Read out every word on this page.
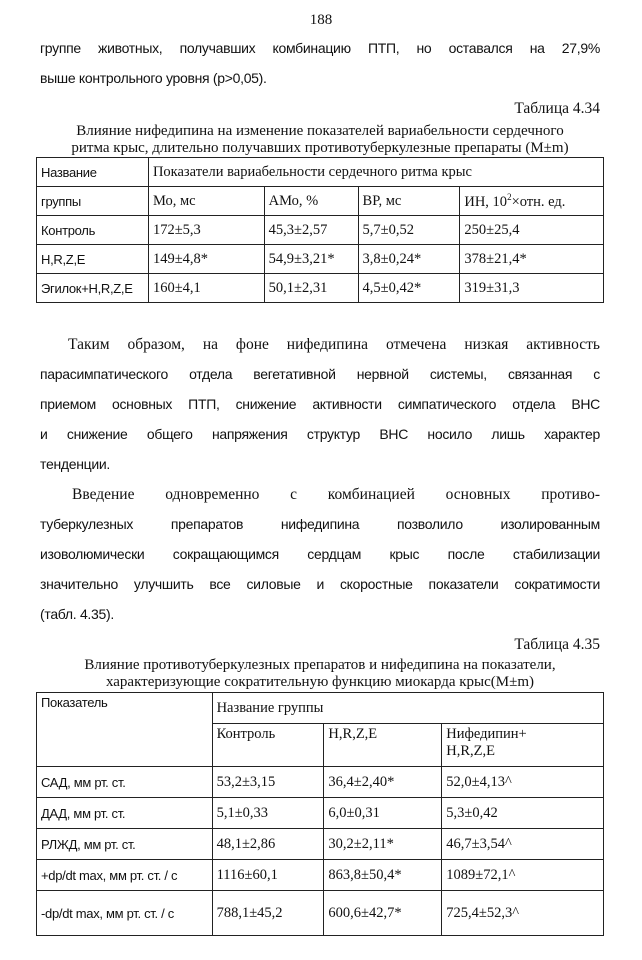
188
группе животных, получавших комбинацию ПТП, но оставался на 27,9%
выше контрольного уровня (р>0,05).
Таблица 4.34
Влияние нифедипина на изменение показателей вариабельности сердечного
ритма крыс, длительно получавших противотуберкулезные препараты (M±m)
Название	Показатели вариабельности сердечного ритма крыс			
группы	Мо, мс	АМо, %	ВР, мс	ИН, $10^2\times отн$. ед.
Контроль	172±5,3	45,3±2,57	5,7±0,52	250±25,4
H,R,Z,E	149±4,8*	54,9±3,21*	3,8±0,24*	378±21,4*
Эгилок+H,R,Z,E	160±4,1	50,1±2,31	4,5±0,42*	319±31,3
Таким образом, на фоне нифедипина отмечена низкая активность
парасимпатического отдела вегетативной нервной системы, связанная с
приемом основных ПТП, снижение активности симпатического отдела ВНС
и снижение общего напряжения структур ВНС носило лишь характер
тенденции.
Введение одновременно с комбинацией основных противо-
туберкулезных препаратов нифедипина позволило изолированным
изоволюмически сокращающимся сердцам крыс после стабилизации
значительно улучшить все силовые и скоростные показатели сократимости
(табл. 4.35).
Таблица 4.35
Влияние противотуберкулезных препаратов и нифедипина на показатели,
характеризующие сократительную функцию миокарда крыс(M±m)
Показатель	Название группы		
	Контроль	H,R,Z,E	Нифедипин+
H,R,Z,E

САД, мм рт. ст.	53,2±3,15	36,4±2,40*	52,0±4,13^
ДАД, мм рт. ст.	5,1±0,33	6,0±0,31	5,3±0,42
РЛЖД, мм рт. ст.	48,1±2,86	30,2±2,11*	46,7±3,54^
+dp/dt max, мм рт. ст. / с	1116±60,1	863,8±50,4*	1089±72,1^
-dp/dt max, мм рт. ст. / с	788,1±45,2	600,6±42,7*	725,4±52,3^
